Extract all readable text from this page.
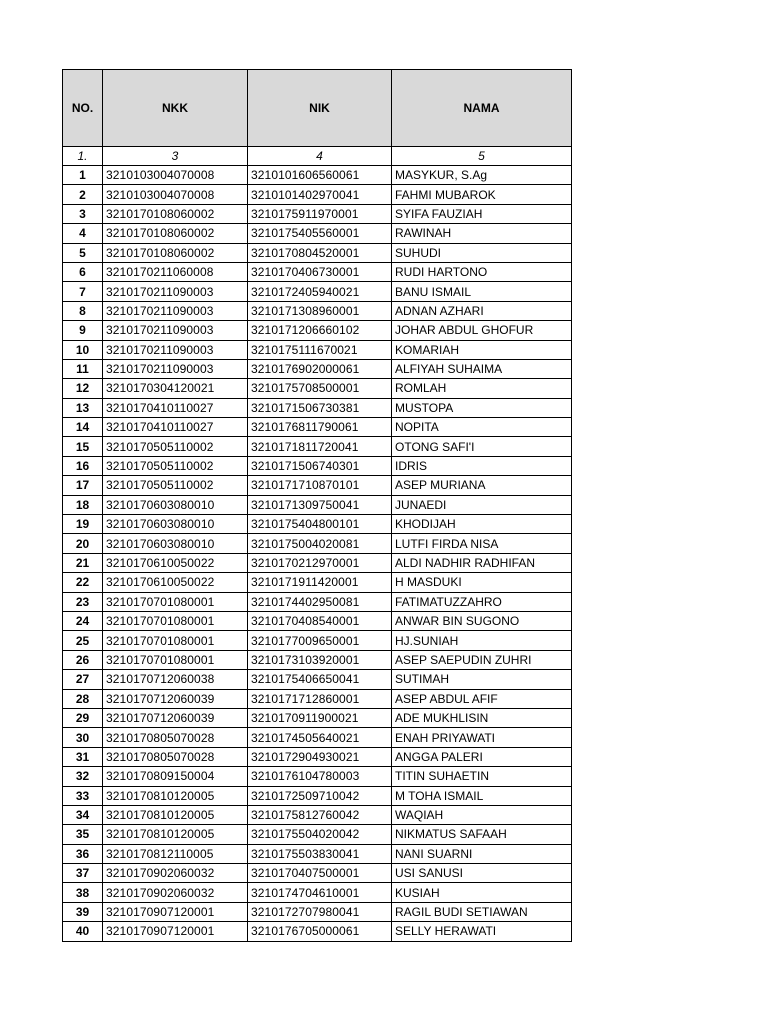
NO.	NKK	NIK	NAMA
1.	3	4	5
1	3210103004070008	3210101606560061	MASYKUR, S.Ag
2	3210103004070008	3210101402970041	FAHMI MUBAROK
3	3210170108060002	3210175911970001	SYIFA FAUZIAH
4	3210170108060002	3210175405560001	RAWINAH
5	3210170108060002	3210170804520001	SUHUDI
6	3210170211060008	3210170406730001	RUDI HARTONO
7	3210170211090003	3210172405940021	BANU ISMAIL
8	3210170211090003	3210171308960001	ADNAN AZHARI
9	3210170211090003	3210171206660102	JOHAR ABDUL GHOFUR
10	3210170211090003	3210175111670021	KOMARIAH
11	3210170211090003	3210176902000061	ALFIYAH SUHAIMA
12	3210170304120021	3210175708500001	ROMLAH
13	3210170410110027	3210171506730381	MUSTOPA
14	3210170410110027	3210176811790061	NOPITA
15	3210170505110002	3210171811720041	OTONG SAFI'I
16	3210170505110002	3210171506740301	IDRIS
17	3210170505110002	3210171710870101	ASEP MURIANA
18	3210170603080010	3210171309750041	JUNAEDI
19	3210170603080010	3210175404800101	KHODIJAH
20	3210170603080010	3210175004020081	LUTFI FIRDA NISA
21	3210170610050022	3210170212970001	ALDI NADHIR RADHIFAN
22	3210170610050022	3210171911420001	H MASDUKI
23	3210170701080001	3210174402950081	FATIMATUZZAHRO
24	3210170701080001	3210170408540001	ANWAR BIN SUGONO
25	3210170701080001	3210177009650001	HJ.SUNIAH
26	3210170701080001	3210173103920001	ASEP SAEPUDIN ZUHRI
27	3210170712060038	3210175406650041	SUTIMAH
28	3210170712060039	3210171712860001	ASEP ABDUL AFIF
29	3210170712060039	3210170911900021	ADE MUKHLISIN
30	3210170805070028	3210174505640021	ENAH PRIYAWATI
31	3210170805070028	3210172904930021	ANGGA PALERI
32	3210170809150004	3210176104780003	TITIN SUHAETIN
33	3210170810120005	3210172509710042	M TOHA ISMAIL
34	3210170810120005	3210175812760042	WAQIAH
35	3210170810120005	3210175504020042	NIKMATUS SAFAAH
36	3210170812110005	3210175503830041	NANI SUARNI
37	3210170902060032	3210170407500001	USI SANUSI
38	3210170902060032	3210174704610001	KUSIAH
39	3210170907120001	3210172707980041	RAGIL BUDI SETIAWAN
40	3210170907120001	3210176705000061	SELLY HERAWATI
